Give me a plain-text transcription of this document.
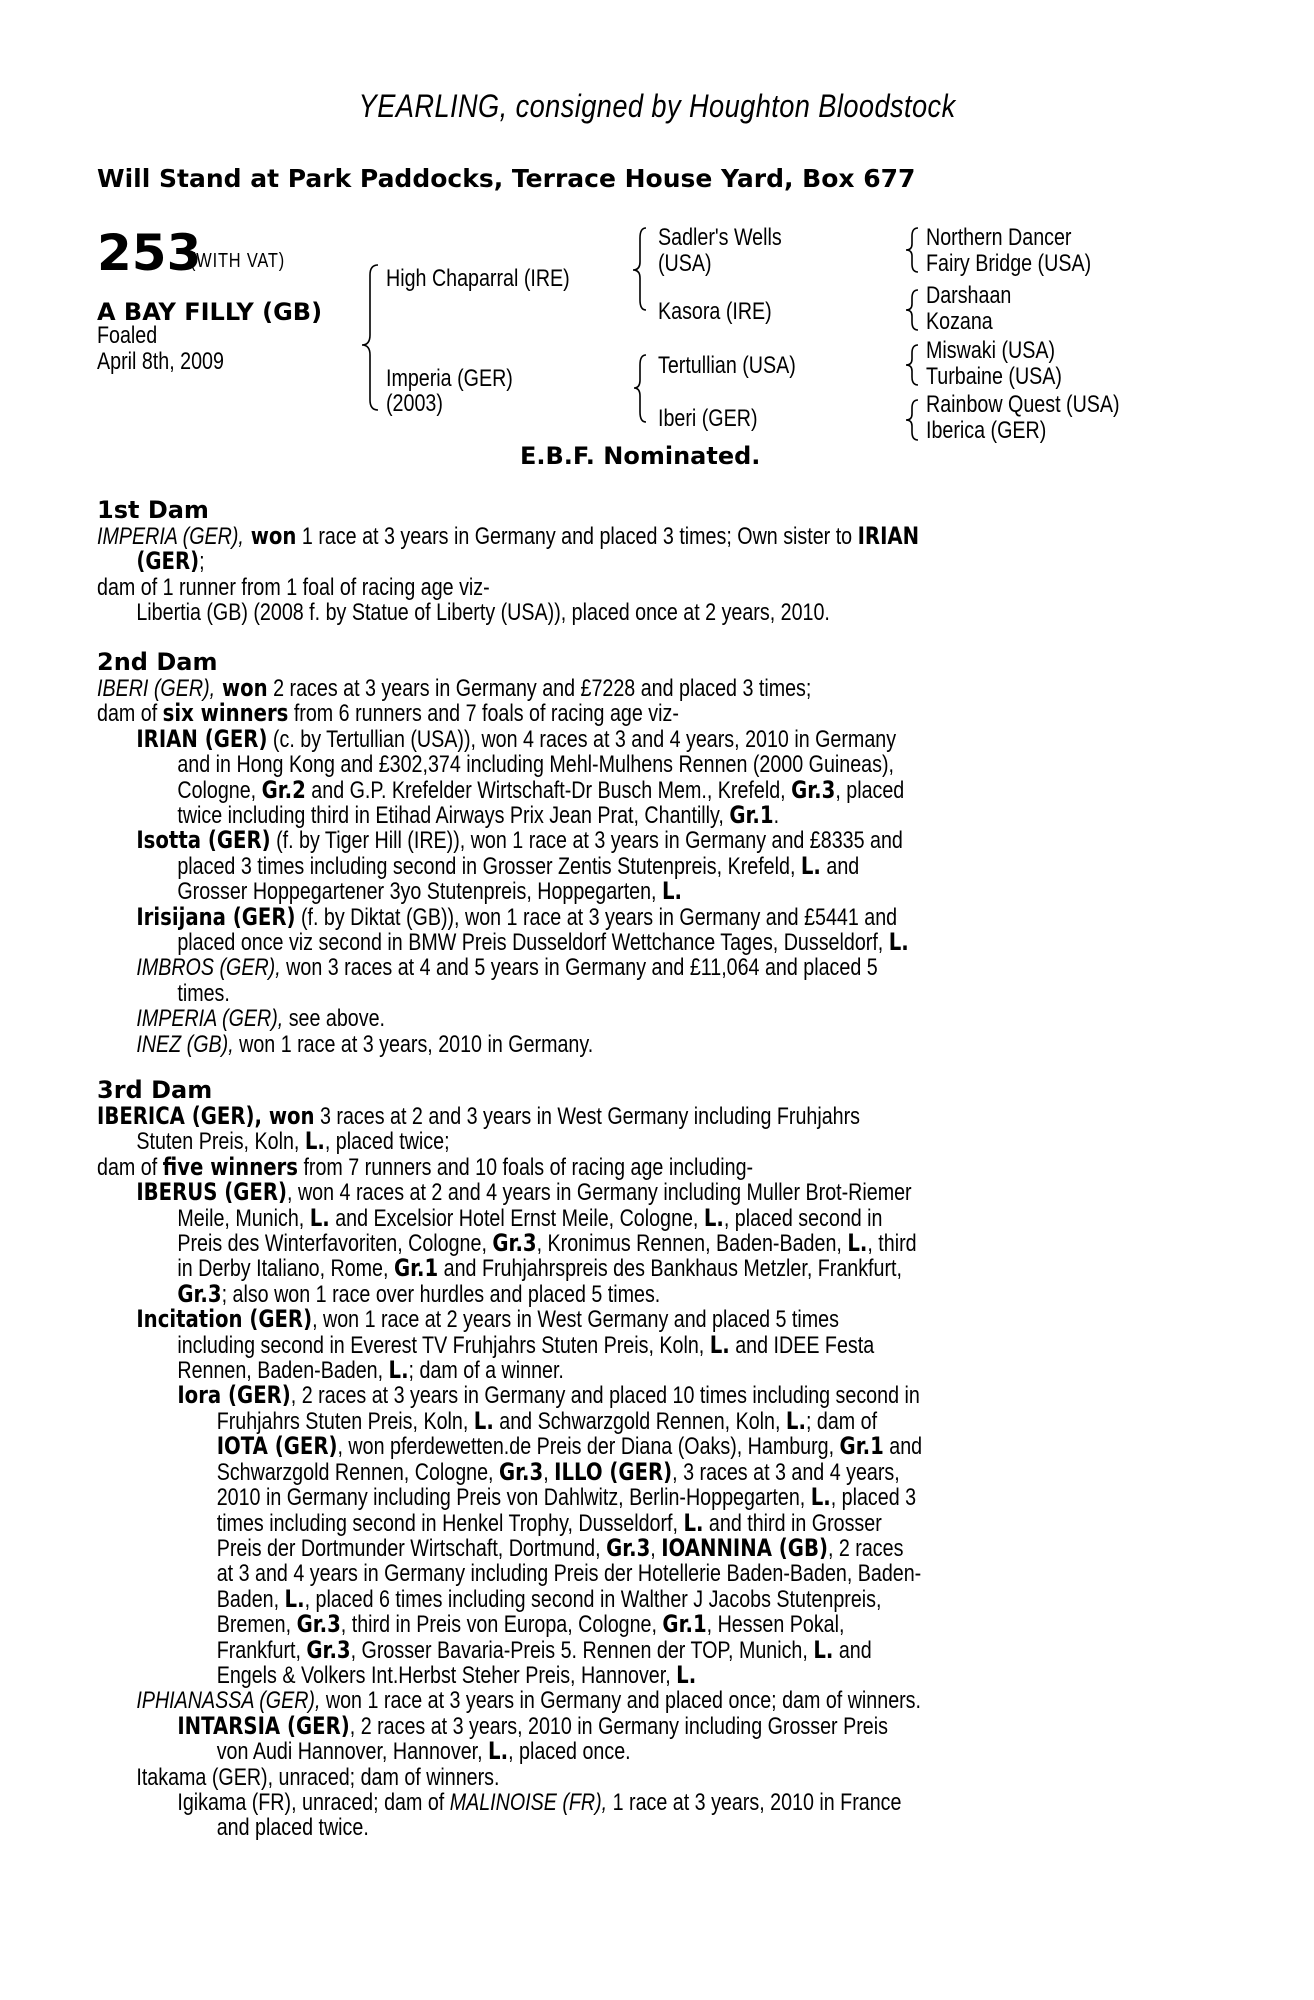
YEARLING, consigned by Houghton Bloodstock
Will Stand at Park Paddocks, Terrace House Yard, Box 677
253
(WITH VAT)
A BAY FILLY (GB)
Foaled
April 8th, 2009
High Chaparral (IRE)
Imperia (GER)
(2003)
Sadler's Wells
(USA)
Kasora (IRE)
Tertullian (USA)
Iberi (GER)
Northern Dancer
Fairy Bridge (USA)
Darshaan
Kozana
Miswaki (USA)
Turbaine (USA)
Rainbow Quest (USA)
Iberica (GER)
E.B.F. Nominated.
1st Dam
IMPERIA (GER), won 1 race at 3 years in Germany and placed 3 times; Own sister to IRIAN
(GER);
dam of 1 runner from 1 foal of racing age viz-
Libertia (GB) (2008 f. by Statue of Liberty (USA)), placed once at 2 years, 2010.
2nd Dam
IBERI (GER), won 2 races at 3 years in Germany and £7228 and placed 3 times;
dam of six winners from 6 runners and 7 foals of racing age viz-
IRIAN (GER) (c. by Tertullian (USA)), won 4 races at 3 and 4 years, 2010 in Germany
and in Hong Kong and £302,374 including Mehl-Mulhens Rennen (2000 Guineas),
Cologne, Gr.2 and G.P. Krefelder Wirtschaft-Dr Busch Mem., Krefeld, Gr.3, placed
twice including third in Etihad Airways Prix Jean Prat, Chantilly, Gr.1.
Isotta (GER) (f. by Tiger Hill (IRE)), won 1 race at 3 years in Germany and £8335 and
placed 3 times including second in Grosser Zentis Stutenpreis, Krefeld, L. and
Grosser Hoppegartener 3yo Stutenpreis, Hoppegarten, L.
Irisijana (GER) (f. by Diktat (GB)), won 1 race at 3 years in Germany and £5441 and
placed once viz second in BMW Preis Dusseldorf Wettchance Tages, Dusseldorf, L.
IMBROS (GER), won 3 races at 4 and 5 years in Germany and £11,064 and placed 5
times.
IMPERIA (GER), see above.
INEZ (GB), won 1 race at 3 years, 2010 in Germany.
3rd Dam
IBERICA (GER), won 3 races at 2 and 3 years in West Germany including Fruhjahrs
Stuten Preis, Koln, L., placed twice;
dam of five winners from 7 runners and 10 foals of racing age including-
IBERUS (GER), won 4 races at 2 and 4 years in Germany including Muller Brot-Riemer
Meile, Munich, L. and Excelsior Hotel Ernst Meile, Cologne, L., placed second in
Preis des Winterfavoriten, Cologne, Gr.3, Kronimus Rennen, Baden-Baden, L., third
in Derby Italiano, Rome, Gr.1 and Fruhjahrspreis des Bankhaus Metzler, Frankfurt,
Gr.3; also won 1 race over hurdles and placed 5 times.
Incitation (GER), won 1 race at 2 years in West Germany and placed 5 times
including second in Everest TV Fruhjahrs Stuten Preis, Koln, L. and IDEE Festa
Rennen, Baden-Baden, L.; dam of a winner.
Iora (GER), 2 races at 3 years in Germany and placed 10 times including second in
Fruhjahrs Stuten Preis, Koln, L. and Schwarzgold Rennen, Koln, L.; dam of
IOTA (GER), won pferdewetten.de Preis der Diana (Oaks), Hamburg, Gr.1 and
Schwarzgold Rennen, Cologne, Gr.3, ILLO (GER), 3 races at 3 and 4 years,
2010 in Germany including Preis von Dahlwitz, Berlin-Hoppegarten, L., placed 3
times including second in Henkel Trophy, Dusseldorf, L. and third in Grosser
Preis der Dortmunder Wirtschaft, Dortmund, Gr.3, IOANNINA (GB), 2 races
at 3 and 4 years in Germany including Preis der Hotellerie Baden-Baden, Baden-
Baden, L., placed 6 times including second in Walther J Jacobs Stutenpreis,
Bremen, Gr.3, third in Preis von Europa, Cologne, Gr.1, Hessen Pokal,
Frankfurt, Gr.3, Grosser Bavaria-Preis 5. Rennen der TOP, Munich, L. and
Engels & Volkers Int.Herbst Steher Preis, Hannover, L.
IPHIANASSA (GER), won 1 race at 3 years in Germany and placed once; dam of winners.
INTARSIA (GER), 2 races at 3 years, 2010 in Germany including Grosser Preis
von Audi Hannover, Hannover, L., placed once.
Itakama (GER), unraced; dam of winners.
Igikama (FR), unraced; dam of MALINOISE (FR), 1 race at 3 years, 2010 in France
and placed twice.
